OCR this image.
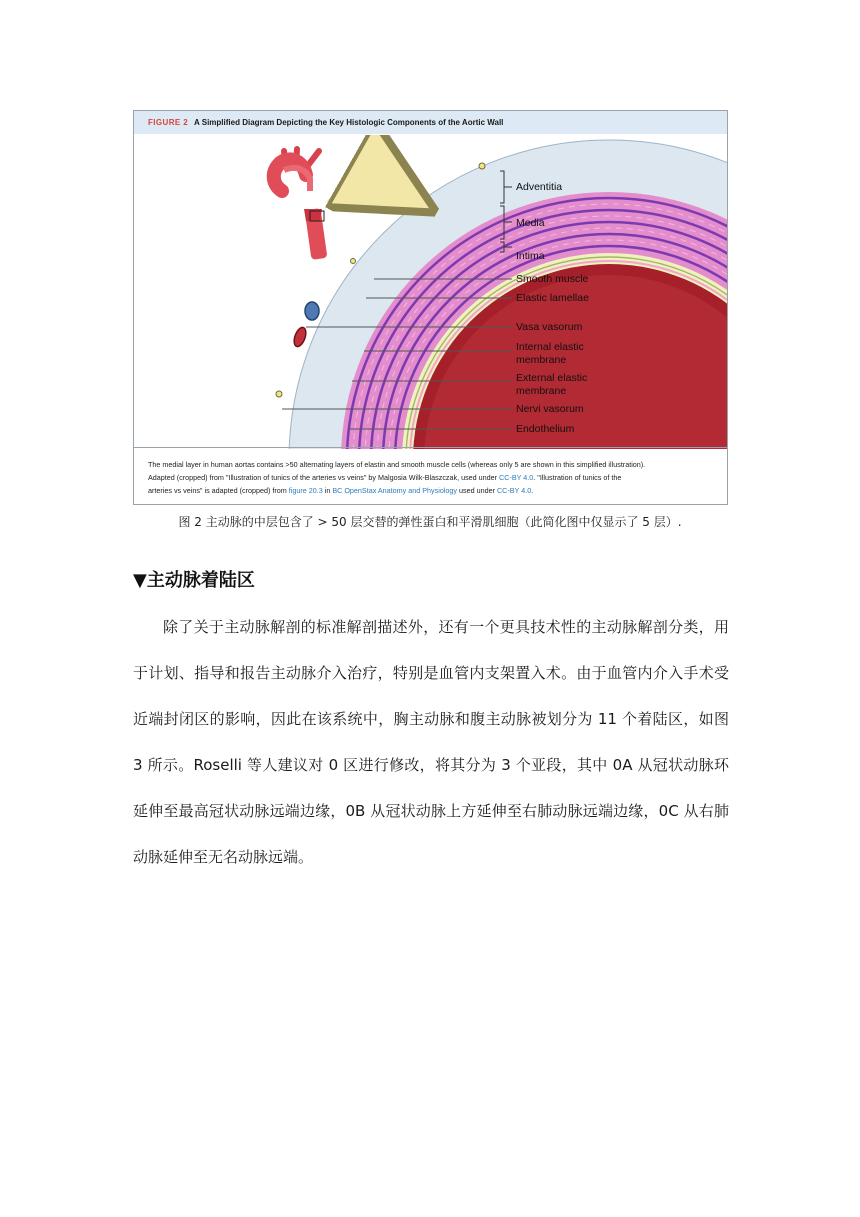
FIGURE 2 A Simplified Diagram Depicting the Key Histologic Components of the Aortic Wall
Adventitia
Media
Intima
Smooth muscle
Elastic lamellae
Vasa vasorum
Internal elastic
membrane
External elastic
membrane
Nervi vasorum
Endothelium
The medial layer in human aortas contains >50 alternating layers of elastin and smooth muscle cells (whereas only 5 are shown in this simplified illustration).
Adapted (cropped) from "Illustration of tunics of the arteries vs veins" by Malgosia Wilk-Blaszczak, used under CC-BY 4.0. "Illustration of tunics of the
arteries vs veins" is adapted (cropped) from figure 20.3 in BC OpenStax Anatomy and Physiology used under CC-BY 4.0.
图 2 主动脉的中层包含了 > 50 层交替的弹性蛋白和平滑肌细胞（此简化图中仅显示了 5 层）.
▼主动脉着陆区
除了关于主动脉解剖的标准解剖描述外，还有一个更具技术性的主动脉解剖分类，用于计划、指导和报告主动脉介入治疗，特别是血管内支架置入术。由于血管内介入手术受近端封闭区的影响，因此在该系统中，胸主动脉和腹主动脉被划分为 11 个着陆区，如图 3 所示。Roselli 等人建议对 0 区进行修改，将其分为 3 个亚段，其中 0A 从冠状动脉环延伸至最高冠状动脉远端边缘，0B 从冠状动脉上方延伸至右肺动脉远端边缘，0C 从右肺动脉延伸至无名动脉远端。
